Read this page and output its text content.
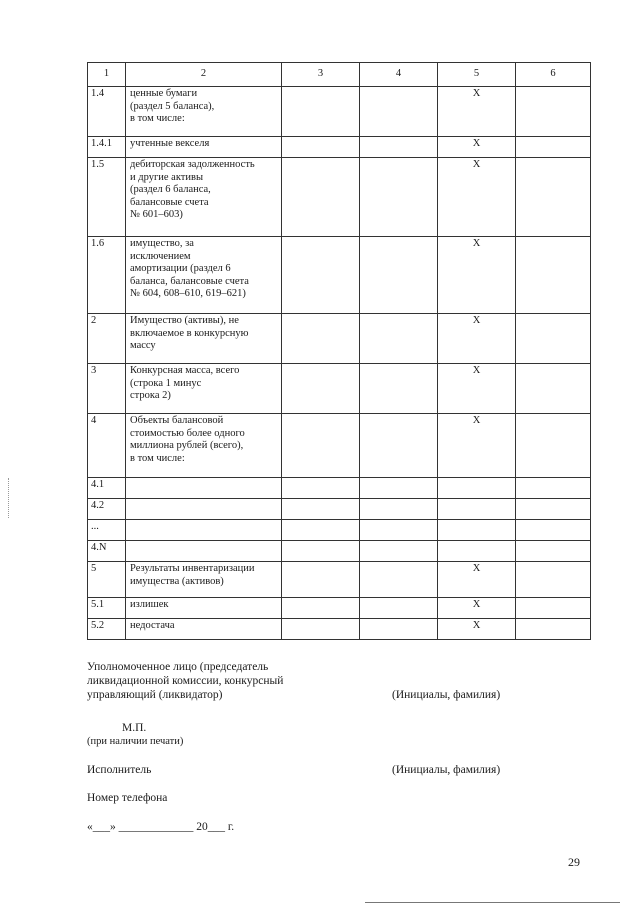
1	2	3	4	5	6
1.4	ценные бумаги
(раздел 5 баланса),
в том числе:			X	
1.4.1	учтенные векселя			X	
1.5	дебиторская задолженность
и другие активы
(раздел 6 баланса,
балансовые счета
№ 601–603)			X	
1.6	имущество, за
исключением
амортизации (раздел 6
баланса, балансовые счета
№ 604, 608–610, 619–621)			X	
2	Имущество (активы), не
включаемое в конкурсную
массу			X	
3	Конкурсная масса, всего
(строка 1 минус
строка 2)			X	
4	Объекты балансовой
стоимостью более одного
миллиона рублей (всего),
в том числе:			X	
4.1					
4.2					
...					
4.N					
5	Результаты инвентаризации
имущества (активов)			X	
5.1	излишек			X	
5.2	недостача			X	
Уполномоченное лицо (председатель
ликвидационной комиссии, конкурсный
управляющий (ликвидатор)	(Инициалы, фамилия)
М.П.
(при наличии печати)
Исполнитель	(Инициалы, фамилия)
Номер телефона
«___» _____________ 20___ г.
29
